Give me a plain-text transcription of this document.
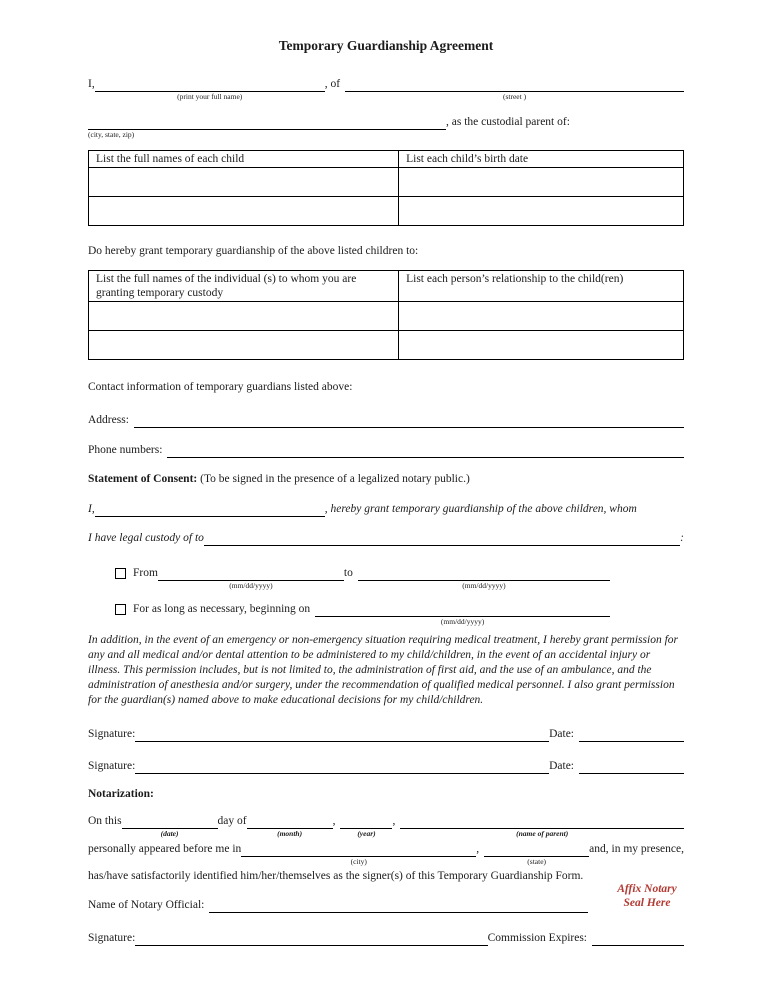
Temporary Guardianship Agreement
I,
(print your full name)
, of
(street )
(city, state, zip)
, as the custodial parent of:
List the full names of each child	List each child’s birth date

Do hereby grant temporary guardianship of the above listed children to:

List the full names of the individual (s) to whom you are granting temporary custody	List each person’s relationship to the child(ren)

Contact information of temporary guardians listed above:

Address:
Phone numbers:

Statement of Consent: (To be signed in the presence of a legalized notary public.)

I,	, hereby grant temporary guardianship of the above children, whom
I have legal custody of to	:
From
(mm/dd/yyyy)
to
(mm/dd/yyyy)
For as long as necessary, beginning on
(mm/dd/yyyy)

In addition, in the event of an emergency or non-emergency situation requiring medical treatment, I hereby grant permission for any and all medical and/or dental attention to be administered to my child/children, in the event of an accidental injury or illness. This permission includes, but is not limited to, the administration of first aid, and the use of an ambulance, and the administration of anesthesia and/or surgery, under the recommendation of qualified medical personnel. I also grant permission for the guardian(s) named above to make educational decisions for my child/children.

Signature:	Date:
Signature:	Date:

Notarization:

On this
(date)
day of
(month)
,
(year)
,
(name of parent)
personally appeared before me in
(city)
,
(state)
and, in my presence,

has/have satisfactorily identified him/her/themselves as the signer(s) of this Temporary Guardianship Form.

Name of Notary Official:
Affix Notary
Seal Here
Signature:	Commission Expires:
